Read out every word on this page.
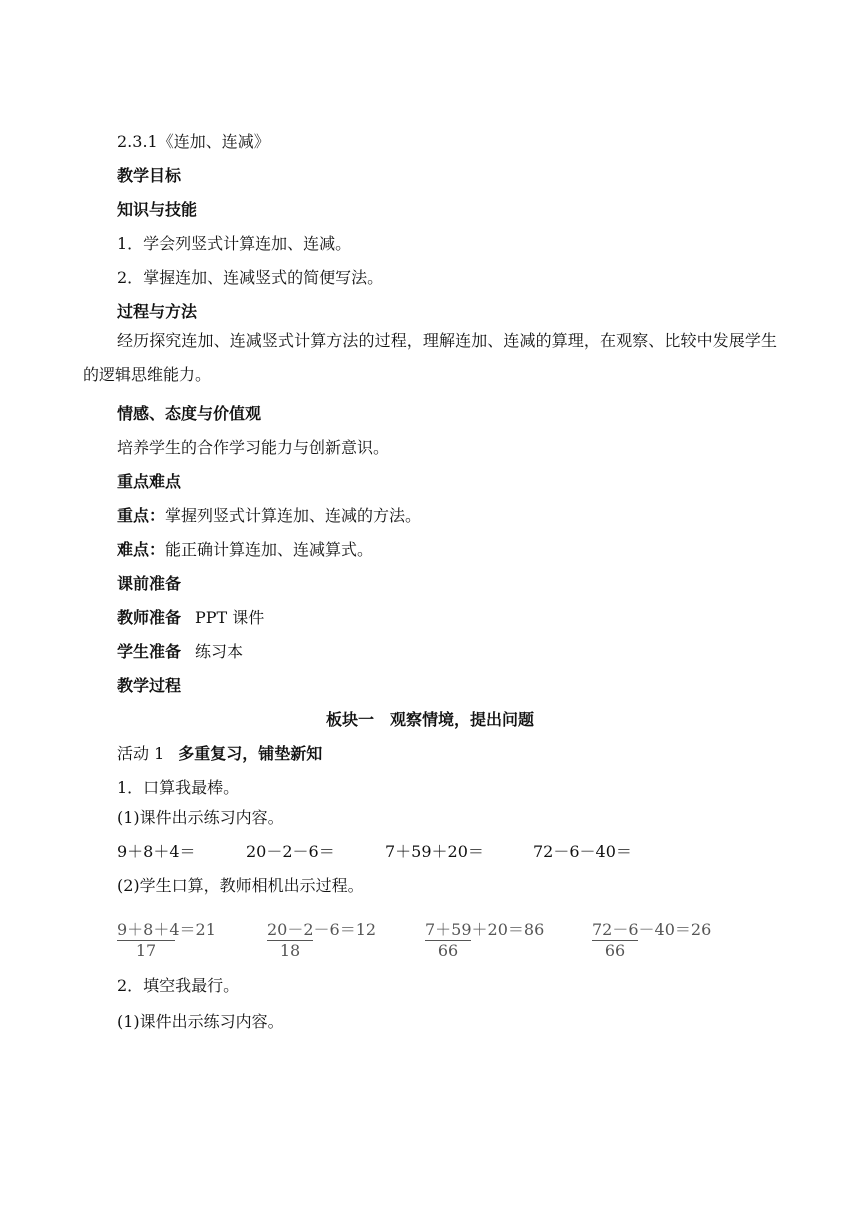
2.3.1《连加、连减》
教学目标
知识与技能
1．学会列竖式计算连加、连减。
2．掌握连加、连减竖式的简便写法。
过程与方法
经历探究连加、连减竖式计算方法的过程，理解连加、连减的算理，在观察、比较中发展学生的逻辑思维能力。
情感、态度与价值观
培养学生的合作学习能力与创新意识。
重点难点
重点：掌握列竖式计算连加、连减的方法。
难点：能正确计算连加、连减算式。
课前准备
教师准备 PPT 课件
学生准备 练习本
教学过程
板块一　观察情境，提出问题
活动 1 多重复习，铺垫新知
1．口算我最棒。
(1)课件出示练习内容。
9＋8＋4＝	20－2－6＝	7＋59＋20＝	72－6－40＝
(2)学生口算，教师相机出示过程。
9＋8＋4＝21
17
20－2－6＝12
18
7＋59＋20＝86
66
72－6－40＝26
66
2．填空我最行。
(1)课件出示练习内容。
